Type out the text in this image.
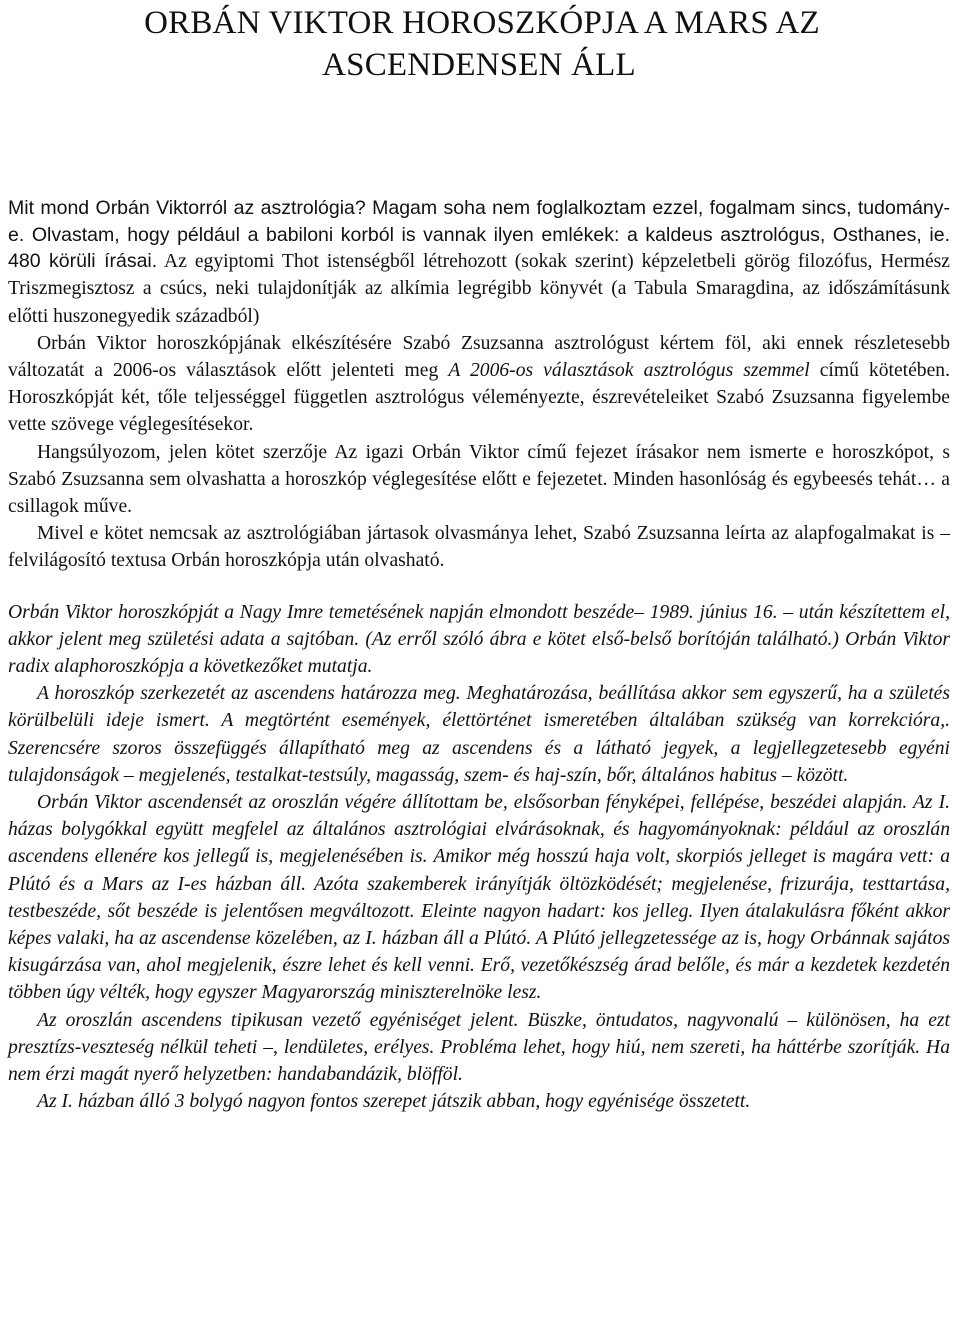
ORBÁN VIKTOR HOROSZKÓPJA A MARS AZ
ASCENDENSEN ÁLL

Mit mond Orbán Viktorról az asztrológia? Magam soha nem foglalkoztam ezzel, fogalmam sincs, tudomány-e. Olvastam, hogy például a babiloni korból is vannak ilyen emlékek: a kaldeus asztrológus, Osthanes, ie. 480 körüli írásai. Az egyiptomi Thot istenségből létrehozott (sokak szerint) képzeletbeli görög filozófus, Hermész Triszmegisztosz a csúcs, neki tulajdonítják az alkímia legrégibb könyvét (a Tabula Smaragdina, az időszámításunk előtti huszonegyedik századból)

Orbán Viktor horoszkópjának elkészítésére Szabó Zsuzsanna asztrológust kértem föl, aki ennek részletesebb változatát a 2006-os választások előtt jelenteti meg A 2006-os választások asztrológus szemmel című kötetében. Horoszkópját két, tőle teljességgel független asztrológus véleményezte, észrevételeiket Szabó Zsuzsanna figyelembe vette szövege véglegesítésekor.

Hangsúlyozom, jelen kötet szerzője Az igazi Orbán Viktor című fejezet írásakor nem ismerte e horoszkópot, s Szabó Zsuzsanna sem olvashatta a horoszkóp véglegesítése előtt e fejezetet. Minden hasonlóság és egybeesés tehát… a csillagok műve.

Mivel e kötet nemcsak az asztrológiában jártasok olvasmánya lehet, Szabó Zsuzsanna leírta az alapfogalmakat is – felvilágosító textusa Orbán horoszkópja után olvasható.

Orbán Viktor horoszkópját a Nagy Imre temetésének napján elmondott beszéde– 1989. június 16. – után készítettem el, akkor jelent meg születési adata a sajtóban. (Az erről szóló ábra e kötet első-belső borítóján található.) Orbán Viktor radix alaphoroszkópja a következőket mutatja.

A horoszkóp szerkezetét az ascendens határozza meg. Meghatározása, beállítása akkor sem egyszerű, ha a születés körülbelüli ideje ismert. A megtörtént események, élettörténet ismeretében általában szükség van korrekcióra,. Szerencsére szoros összefüggés állapítható meg az ascendens és a látható jegyek, a legjellegzetesebb egyéni tulajdonságok – megjelenés, testalkat-testsúly, magasság, szem- és haj-szín, bőr, általános habitus – között.

Orbán Viktor ascendensét az oroszlán végére állítottam be, elsősorban fényképei, fellépése, beszédei alapján. Az I. házas bolygókkal együtt megfelel az általános asztrológiai elvárásoknak, és hagyományoknak: például az oroszlán ascendens ellenére kos jellegű is, megjelenésében is. Amikor még hosszú haja volt, skorpiós jelleget is magára vett: a Plútó és a Mars az I-es házban áll. Azóta szakemberek irányítják öltözködését; megjelenése, frizurája, testtartása, testbeszéde, sőt beszéde is jelentősen megváltozott. Eleinte nagyon hadart: kos jelleg. Ilyen átalakulásra főként akkor képes valaki, ha az ascendense közelében, az I. házban áll a Plútó. A Plútó jellegzetessége az is, hogy Orbánnak sajátos kisugárzása van, ahol megjelenik, észre lehet és kell venni. Erő, vezetőkészség árad belőle, és már a kezdetek kezdetén többen úgy vélték, hogy egyszer Magyarország miniszterelnöke lesz.

Az oroszlán ascendens tipikusan vezető egyéniséget jelent. Büszke, öntudatos, nagyvonalú – különösen, ha ezt presztízs-veszteség nélkül teheti –, lendületes, erélyes. Probléma lehet, hogy hiú, nem szereti, ha háttérbe szorítják. Ha nem érzi magát nyerő helyzetben: handabandázik, blöfföl.

Az I. házban álló 3 bolygó nagyon fontos szerepet játszik abban, hogy egyénisége összetett.
